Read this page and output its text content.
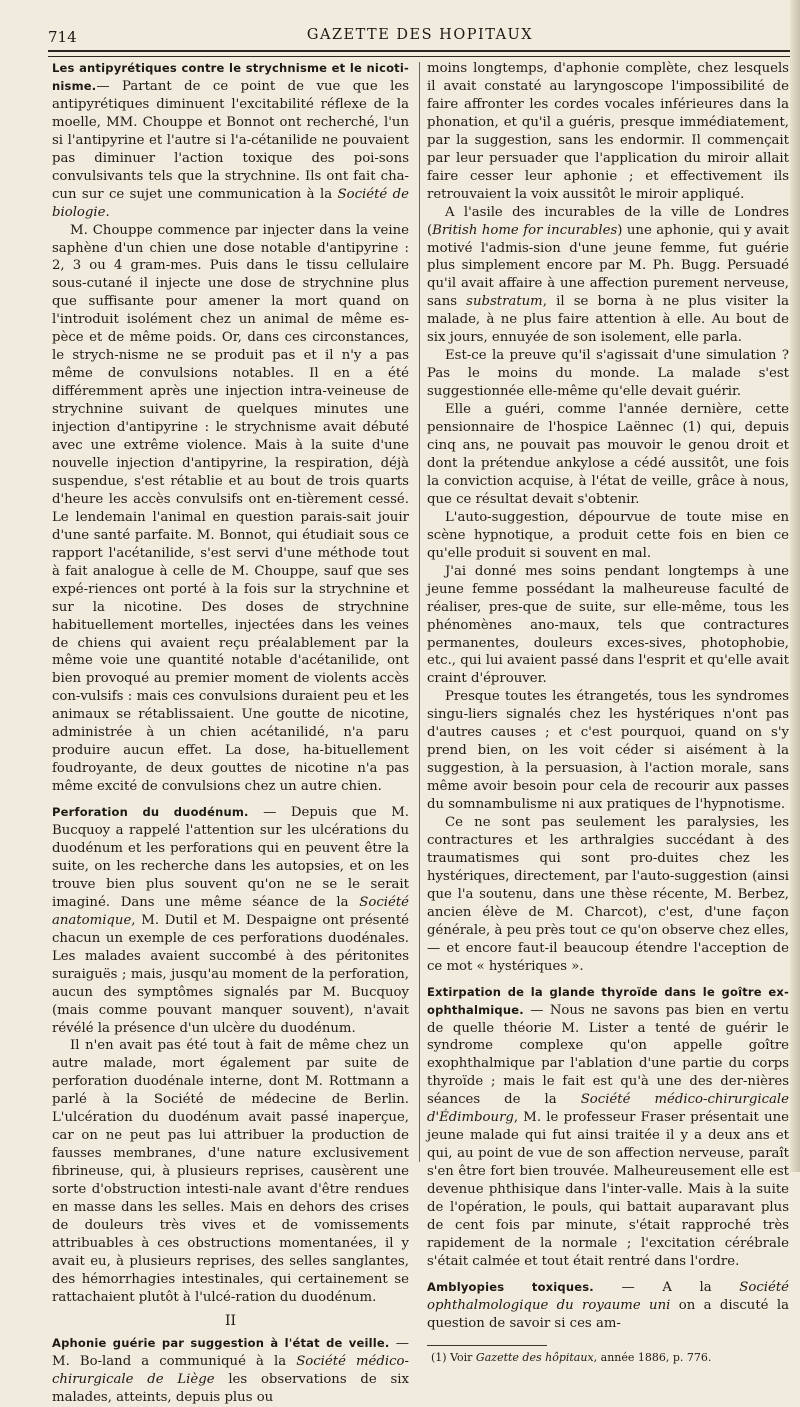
714	GAZETTE DES HOPITAUX

Les antipyrétiques contre le strychnisme et le nicoti-nisme.— Partant de ce point de vue que les antipyrétiques diminuent l'excitabilité réflexe de la moelle, MM. Chouppe et Bonnot ont recherché, l'un si l'antipyrine et l'autre si l'a-cétanilide ne pouvaient pas diminuer l'action toxique des poi-sons convulsivants tels que la strychnine. Ils ont fait cha-cun sur ce sujet une communication à la Société de biologie.

M. Chouppe commence par injecter dans la veine saphène d'un chien une dose notable d'antipyrine : 2, 3 ou 4 gram-mes. Puis dans le tissu cellulaire sous-cutané il injecte une dose de strychnine plus que suffisante pour amener la mort quand on l'introduit isolément chez un animal de même es-pèce et de même poids. Or, dans ces circonstances, le strych-nisme ne se produit pas et il n'y a pas même de convulsions notables. Il en a été différemment après une injection intra-veineuse de strychnine suivant de quelques minutes une injection d'antipyrine : le strychnisme avait débuté avec une extrême violence. Mais à la suite d'une nouvelle injection d'antipyrine, la respiration, déjà suspendue, s'est rétablie et au bout de trois quarts d'heure les accès convulsifs ont en-tièrement cessé. Le lendemain l'animal en question parais-sait jouir d'une santé parfaite. M. Bonnot, qui étudiait sous ce rapport l'acétanilide, s'est servi d'une méthode tout à fait analogue à celle de M. Chouppe, sauf que ses expé-riences ont porté à la fois sur la strychnine et sur la nicotine. Des doses de strychnine habituellement mortelles, injectées dans les veines de chiens qui avaient reçu préalablement par la même voie une quantité notable d'acétanilide, ont bien provoqué au premier moment de violents accès con-vulsifs : mais ces convulsions duraient peu et les animaux se rétablissaient. Une goutte de nicotine, administrée à un chien acétanilidé, n'a paru produire aucun effet. La dose, ha-bituellement foudroyante, de deux gouttes de nicotine n'a pas même excité de convulsions chez un autre chien.

Perforation du duodénum. — Depuis que M. Bucquoy a rappelé l'attention sur les ulcérations du duodénum et les perforations qui en peuvent être la suite, on les recherche dans les autopsies, et on les trouve bien plus souvent qu'on ne se le serait imaginé. Dans une même séance de la Société anatomique, M. Dutil et M. Despaigne ont présenté chacun un exemple de ces perforations duodénales. Les malades avaient succombé à des péritonites suraiguës ; mais, jusqu'au moment de la perforation, aucun des symptômes signalés par M. Bucquoy (mais comme pouvant manquer souvent), n'avait révélé la présence d'un ulcère du duodénum.

Il n'en avait pas été tout à fait de même chez un autre malade, mort également par suite de perforation duodénale interne, dont M. Rottmann a parlé à la Société de médecine de Berlin. L'ulcération du duodénum avait passé inaperçue, car on ne peut pas lui attribuer la production de fausses membranes, d'une nature exclusivement fibrineuse, qui, à plusieurs reprises, causèrent une sorte d'obstruction intesti-nale avant d'être rendues en masse dans les selles. Mais en dehors des crises de douleurs très vives et de vomissements attribuables à ces obstructions momentanées, il y avait eu, à plusieurs reprises, des selles sanglantes, des hémorrhagies intestinales, qui certainement se rattachaient plutôt à l'ulcé-ration du duodénum.

II

Aphonie guérie par suggestion à l'état de veille. —M. Bo-land a communiqué à la Société médico-chirurgicale de Liège les observations de six malades, atteints, depuis plus ou

moins longtemps, d'aphonie complète, chez lesquels il avait constaté au laryngoscope l'impossibilité de faire affronter les cordes vocales inférieures dans la phonation, et qu'il a guéris, presque immédiatement, par la suggestion, sans les endormir. Il commençait par leur persuader que l'application du miroir allait faire cesser leur aphonie ; et effectivement ils retrouvaient la voix aussitôt le miroir appliqué.

A l'asile des incurables de la ville de Londres (British home for incurables) une aphonie, qui y avait motivé l'admis-sion d'une jeune femme, fut guérie plus simplement encore par M. Ph. Bugg. Persuadé qu'il avait affaire à une affection purement nerveuse, sans substratum, il se borna à ne plus visiter la malade, à ne plus faire attention à elle. Au bout de six jours, ennuyée de son isolement, elle parla.

Est-ce la preuve qu'il s'agissait d'une simulation ? Pas le moins du monde. La malade s'est suggestionnée elle-même qu'elle devait guérir.

Elle a guéri, comme l'année dernière, cette pensionnaire de l'hospice Laënnec (1) qui, depuis cinq ans, ne pouvait pas mouvoir le genou droit et dont la prétendue ankylose a cédé aussitôt, une fois la conviction acquise, à l'état de veille, grâce à nous, que ce résultat devait s'obtenir.

L'auto-suggestion, dépourvue de toute mise en scène hypnotique, a produit cette fois en bien ce qu'elle produit si souvent en mal.

J'ai donné mes soins pendant longtemps à une jeune femme possédant la malheureuse faculté de réaliser, pres-que de suite, sur elle-même, tous les phénomènes ano-maux, tels que contractures permanentes, douleurs exces-sives, photophobie, etc., qui lui avaient passé dans l'esprit et qu'elle avait craint d'éprouver.

Presque toutes les étrangetés, tous les syndromes singu-liers signalés chez les hystériques n'ont pas d'autres causes ; et c'est pourquoi, quand on s'y prend bien, on les voit céder si aisément à la suggestion, à la persuasion, à l'action morale, sans même avoir besoin pour cela de recourir aux passes du somnambulisme ni aux pratiques de l'hypnotisme.

Ce ne sont pas seulement les paralysies, les contractures et les arthralgies succédant à des traumatismes qui sont pro-duites chez les hystériques, directement, par l'auto-suggestion (ainsi que l'a soutenu, dans une thèse récente, M. Berbez, ancien élève de M. Charcot), c'est, d'une façon générale, à peu près tout ce qu'on observe chez elles, — et encore faut-il beaucoup étendre l'acception de ce mot « hystériques ».

Extirpation de la glande thyroïde dans le goître ex-ophthalmique. — Nous ne savons pas bien en vertu de quelle théorie M. Lister a tenté de guérir le syndrome complexe qu'on appelle goître exophthalmique par l'ablation d'une partie du corps thyroïde ; mais le fait est qu'à une des der-nières séances de la Société médico-chirurgicale d'Édimbourg, M. le professeur Fraser présentait une jeune malade qui fut ainsi traitée il y a deux ans et qui, au point de vue de son affection nerveuse, paraît s'en être fort bien trouvée. Malheureusement elle est devenue phthisique dans l'inter-valle. Mais à la suite de l'opération, le pouls, qui battait auparavant plus de cent fois par minute, s'était rapproché très rapidement de la normale ; l'excitation cérébrale s'était calmée et tout était rentré dans l'ordre.

Amblyopies toxiques. — A la Société ophthalmologique du royaume uni on a discuté la question de savoir si ces am-

(1) Voir Gazette des hôpitaux, année 1886, p. 776.
